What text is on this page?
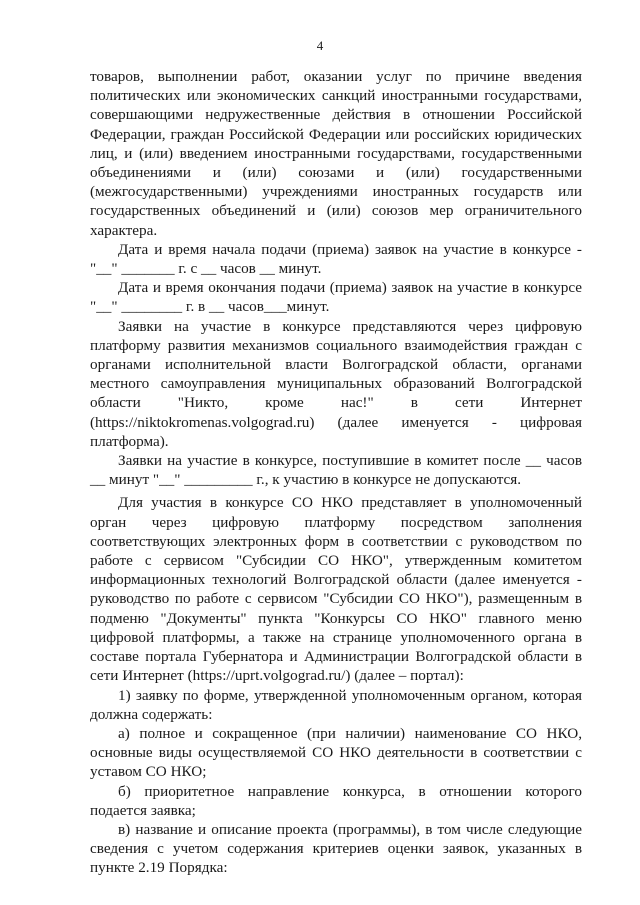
4

товаров, выполнении работ, оказании услуг по причине введения политических или экономических санкций иностранными государствами, совершающими недружественные действия в отношении Российской Федерации, граждан Российской Федерации или российских юридических лиц, и (или) введением иностранными государствами, государственными объединениями и (или) союзами и (или) государственными (межгосударственными) учреждениями иностранных государств или государственных объединений и (или) союзов мер ограничительного характера.

Дата и время начала подачи (приема) заявок на участие в конкурсе - "__" _______ г. с __ часов __ минут.

Дата и время окончания подачи (приема) заявок на участие в конкурсе "__" ________ г. в __ часов___минут.

Заявки на участие в конкурсе представляются через цифровую платформу развития механизмов социального взаимодействия граждан с органами исполнительной власти Волгоградской области, органами местного самоуправления муниципальных образований Волгоградской области "Никто, кроме нас!" в сети Интернет (https://niktokromenas.volgograd.ru) (далее именуется - цифровая платформа).

Заявки на участие в конкурсе, поступившие в комитет после __ часов __ минут "__" _________ г., к участию в конкурсе не допускаются.

Для участия в конкурсе СО НКО представляет в уполномоченный орган через цифровую платформу посредством заполнения соответствующих электронных форм в соответствии с руководством по работе с сервисом "Субсидии СО НКО", утвержденным комитетом информационных технологий Волгоградской области (далее именуется - руководство по работе с сервисом "Субсидии СО НКО"), размещенным в подменю "Документы" пункта "Конкурсы СО НКО" главного меню цифровой платформы, а также на странице уполномоченного органа в составе портала Губернатора и Администрации Волгоградской области в сети Интернет (https://uprt.volgograd.ru/) (далее – портал):

1) заявку по форме, утвержденной уполномоченным органом, которая должна содержать:

а) полное и сокращенное (при наличии) наименование СО НКО, основные виды осуществляемой СО НКО деятельности в соответствии с уставом СО НКО;

б) приоритетное направление конкурса, в отношении которого подается заявка;

в) название и описание проекта (программы), в том числе следующие сведения с учетом содержания критериев оценки заявок, указанных в пункте 2.19 Порядка:
